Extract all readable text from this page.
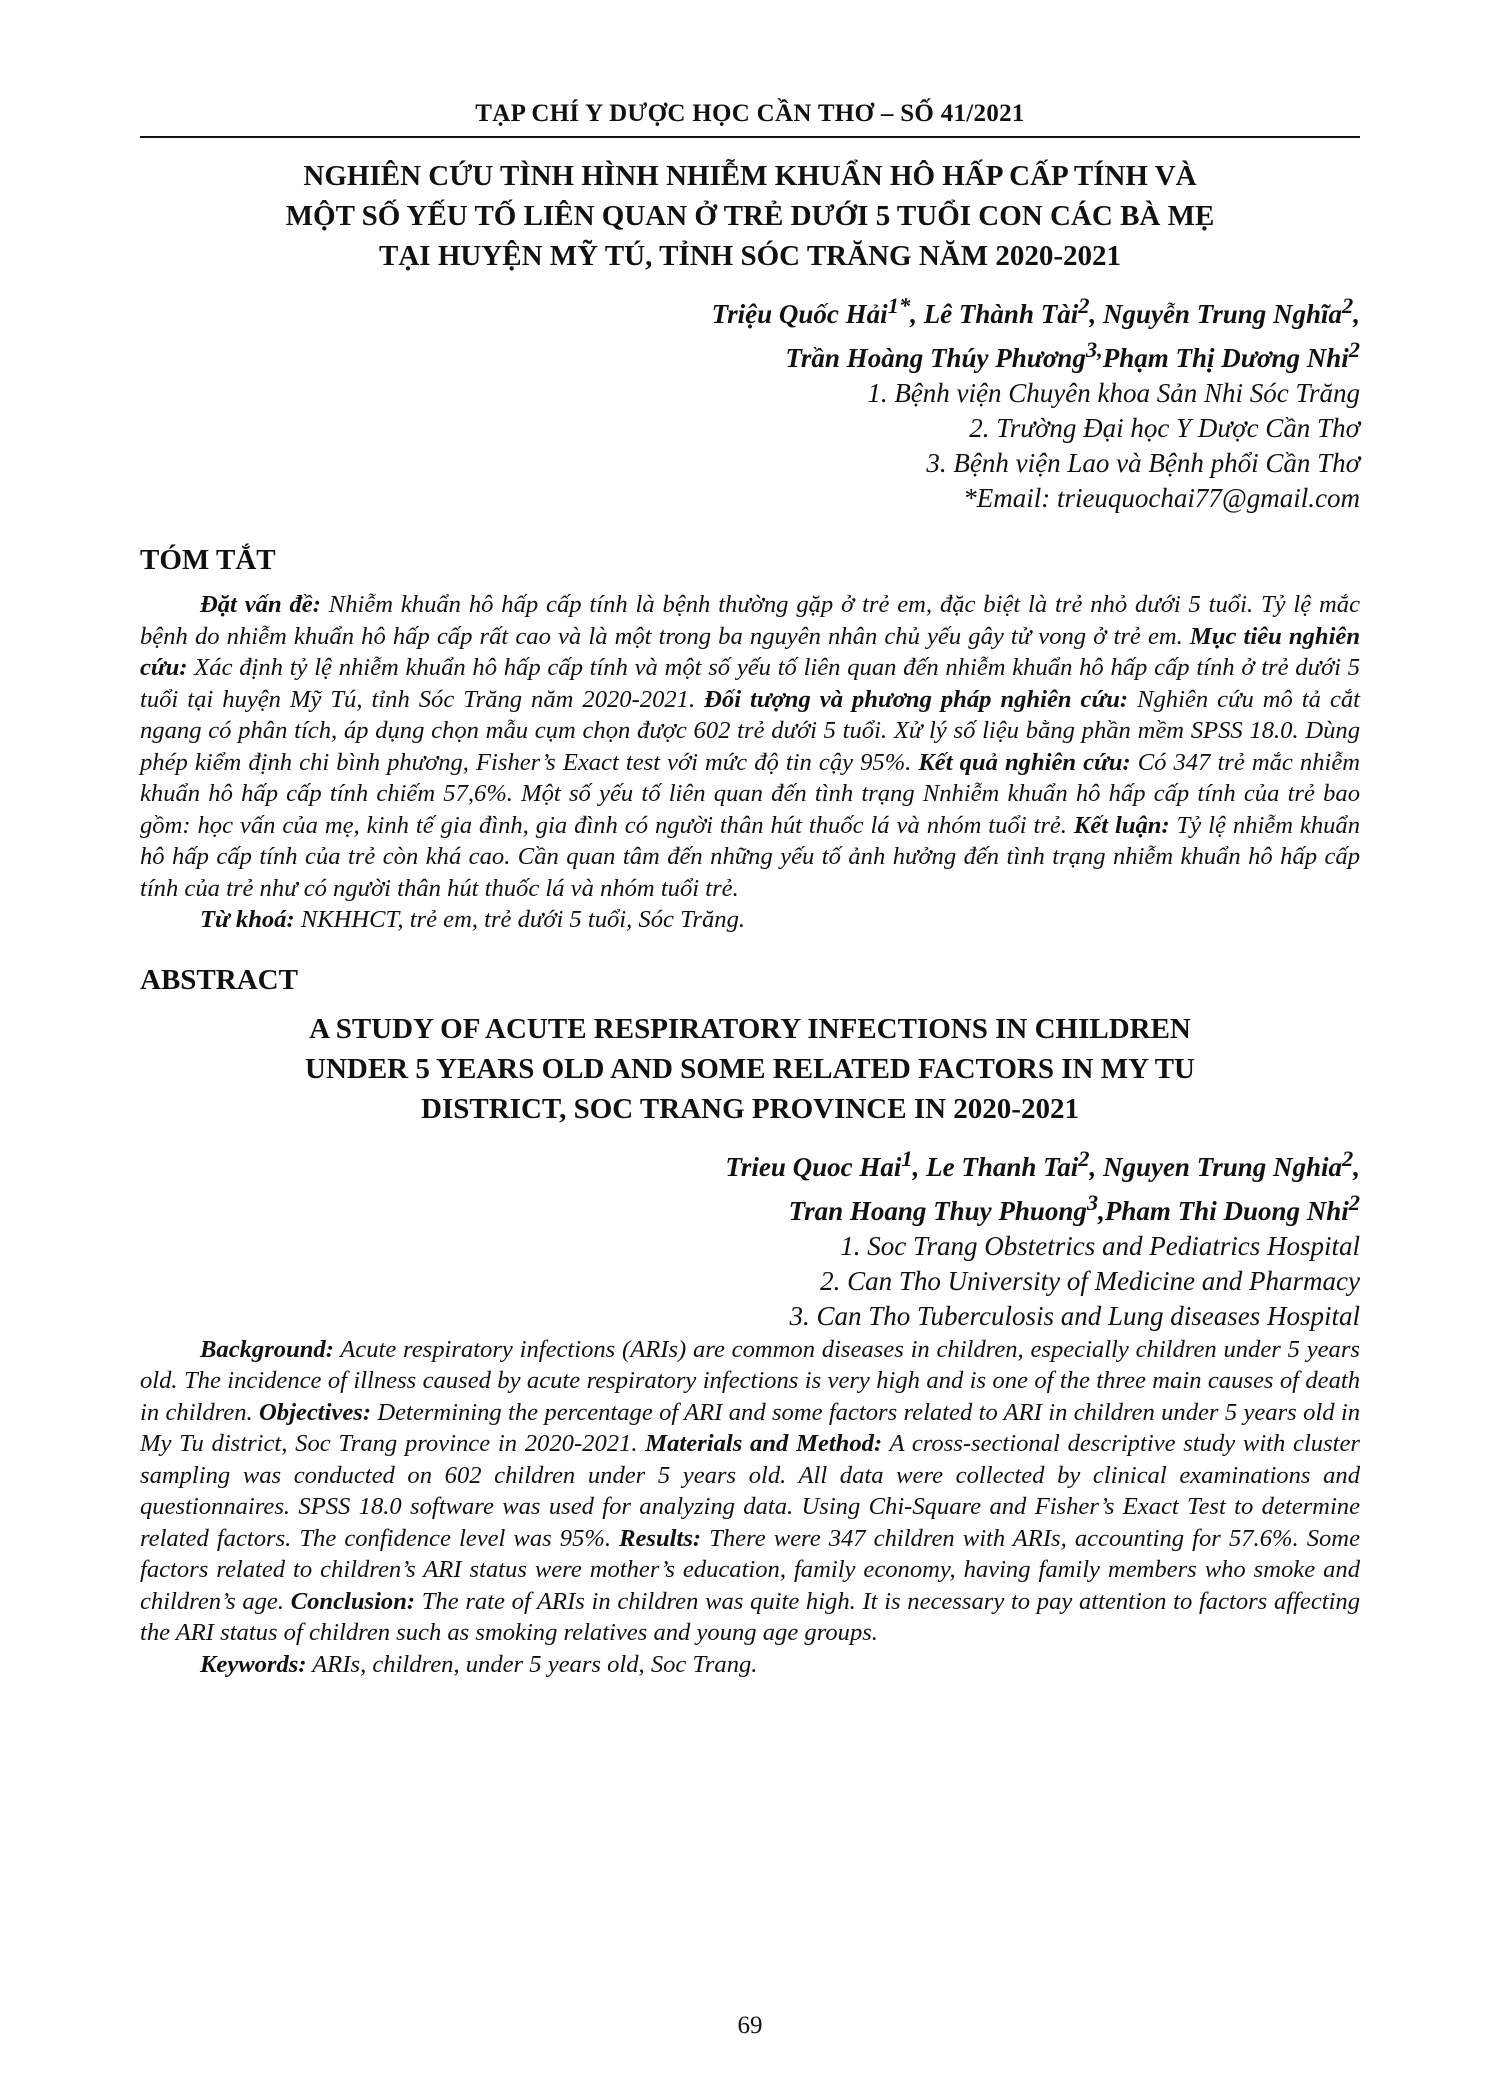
TẠP CHÍ Y DƯỢC HỌC CẦN THƠ – SỐ 41/2021
NGHIÊN CỨU TÌNH HÌNH NHIỄM KHUẨN HÔ HẤP CẤP TÍNH VÀ
MỘT SỐ YẾU TỐ LIÊN QUAN Ở TRẺ DƯỚI 5 TUỔI CON CÁC BÀ MẸ
TẠI HUYỆN MỸ TÚ, TỈNH SÓC TRĂNG NĂM 2020-2021
Triệu Quốc Hải$^{1*}$, Lê Thành Tài$^2$, Nguyễn Trung Nghĩa$^2$,
Trần Hoàng Thúy Phương$^{3,}$Phạm Thị Dương Nhi$^2$
1. Bệnh viện Chuyên khoa Sản Nhi Sóc Trăng
2. Trường Đại học Y Dược Cần Thơ
3. Bệnh viện Lao và Bệnh phổi Cần Thơ
*Email: trieuquochai77@gmail.com
TÓM TẮT

Đặt vấn đề: Nhiễm khuẩn hô hấp cấp tính là bệnh thường gặp ở trẻ em, đặc biệt là trẻ nhỏ dưới 5 tuổi. Tỷ lệ mắc bệnh do nhiễm khuẩn hô hấp cấp rất cao và là một trong ba nguyên nhân chủ yếu gây tử vong ở trẻ em. Mục tiêu nghiên cứu: Xác định tỷ lệ nhiễm khuẩn hô hấp cấp tính và một số yếu tố liên quan đến nhiễm khuẩn hô hấp cấp tính ở trẻ dưới 5 tuổi tại huyện Mỹ Tú, tỉnh Sóc Trăng năm 2020-2021. Đối tượng và phương pháp nghiên cứu: Nghiên cứu mô tả cắt ngang có phân tích, áp dụng chọn mẫu cụm chọn được 602 trẻ dưới 5 tuổi. Xử lý số liệu bằng phần mềm SPSS 18.0. Dùng phép kiểm định chi bình phương, Fisher’s Exact test với mức độ tin cậy 95%. Kết quả nghiên cứu: Có 347 trẻ mắc nhiễm khuẩn hô hấp cấp tính chiếm 57,6%. Một số yếu tố liên quan đến tình trạng Nnhiễm khuẩn hô hấp cấp tính của trẻ bao gồm: học vấn của mẹ, kinh tế gia đình, gia đình có người thân hút thuốc lá và nhóm tuổi trẻ. Kết luận: Tỷ lệ nhiễm khuẩn hô hấp cấp tính của trẻ còn khá cao. Cần quan tâm đến những yếu tố ảnh hưởng đến tình trạng nhiễm khuẩn hô hấp cấp tính của trẻ như có người thân hút thuốc lá và nhóm tuổi trẻ.

Từ khoá: NKHHCT, trẻ em, trẻ dưới 5 tuổi, Sóc Trăng.

ABSTRACT
A STUDY OF ACUTE RESPIRATORY INFECTIONS IN CHILDREN
UNDER 5 YEARS OLD AND SOME RELATED FACTORS IN MY TU
DISTRICT, SOC TRANG PROVINCE IN 2020-2021
Trieu Quoc Hai$^1$, Le Thanh Tai$^2$, Nguyen Trung Nghia$^2$,
Tran Hoang Thuy Phuong$^3$,Pham Thi Duong Nhi$^2$
1. Soc Trang Obstetrics and Pediatrics Hospital
2. Can Tho University of Medicine and Pharmacy
3. Can Tho Tuberculosis and Lung diseases Hospital

Background: Acute respiratory infections (ARIs) are common diseases in children, especially children under 5 years old. The incidence of illness caused by acute respiratory infections is very high and is one of the three main causes of death in children. Objectives: Determining the percentage of ARI and some factors related to ARI in children under 5 years old in My Tu district, Soc Trang province in 2020-2021. Materials and Method: A cross-sectional descriptive study with cluster sampling was conducted on 602 children under 5 years old. All data were collected by clinical examinations and questionnaires. SPSS 18.0 software was used for analyzing data. Using Chi-Square and Fisher’s Exact Test to determine related factors. The confidence level was 95%. Results: There were 347 children with ARIs, accounting for 57.6%. Some factors related to children’s ARI status were mother’s education, family economy, having family members who smoke and children’s age. Conclusion: The rate of ARIs in children was quite high. It is necessary to pay attention to factors affecting the ARI status of children such as smoking relatives and young age groups.

Keywords: ARIs, children, under 5 years old, Soc Trang.

69
